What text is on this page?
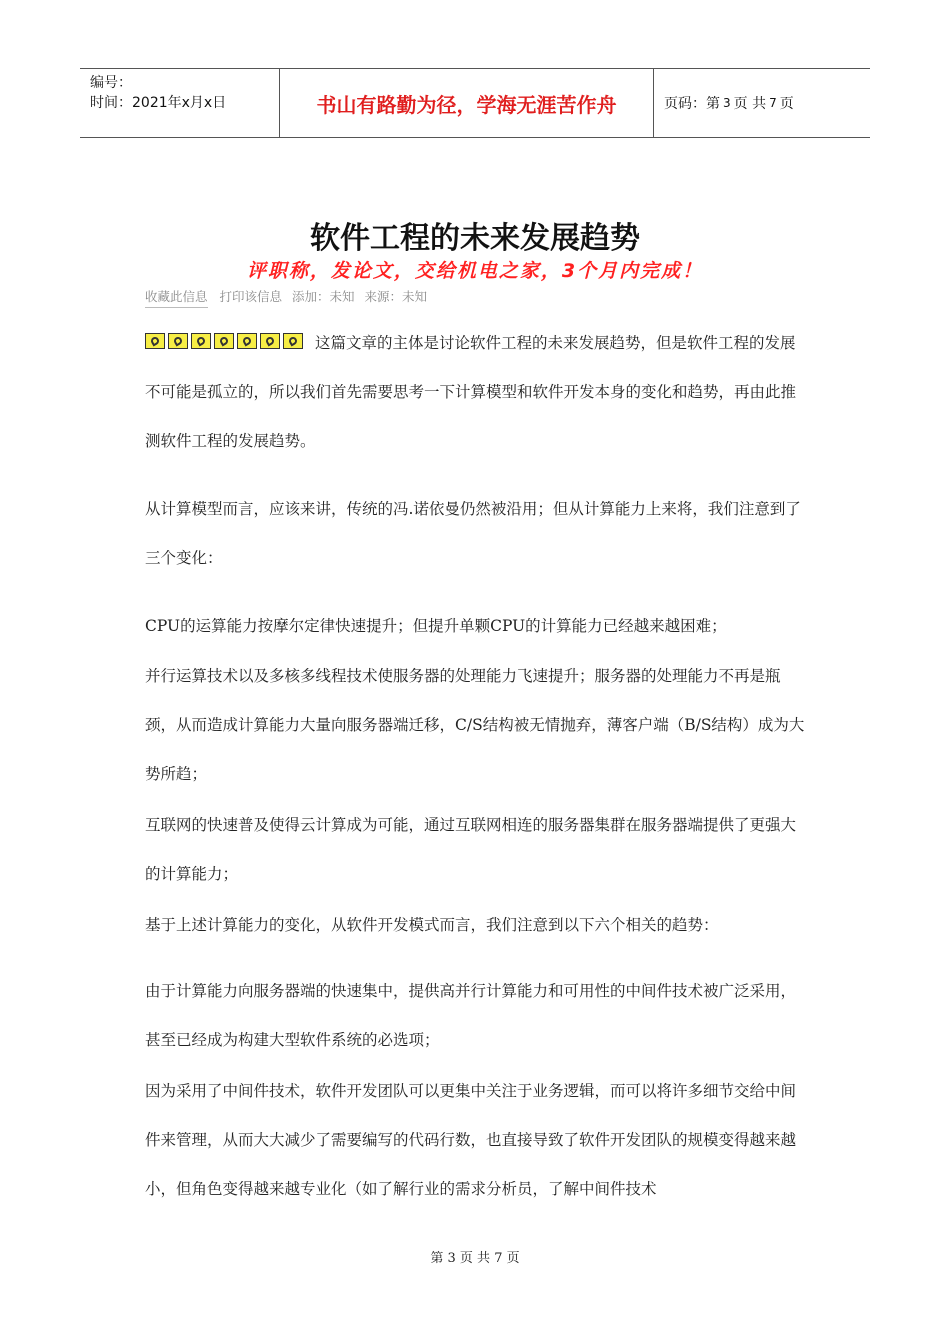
编号：
时间：2021年x月x日	书山有路勤为径，学海无涯苦作舟	页码：第 3 页 共 7 页
软件工程的未来发展趋势
评职称，发论文，交给机电之家，3个月内完成！
收藏此信息 打印该信息 添加：未知 来源：未知

这篇文章的主体是讨论软件工程的未来发展趋势，但是软件工程的发展不可能是孤立的，所以我们首先需要思考一下计算模型和软件开发本身的变化和趋势，再由此推测软件工程的发展趋势。

从计算模型而言，应该来讲，传统的冯.诺依曼仍然被沿用；但从计算能力上来将，我们注意到了三个变化：

CPU的运算能力按摩尔定律快速提升；但提升单颗CPU的计算能力已经越来越困难；

并行运算技术以及多核多线程技术使服务器的处理能力飞速提升；服务器的处理能力不再是瓶颈，从而造成计算能力大量向服务器端迁移，C/S结构被无情抛弃，薄客户端（B/S结构）成为大势所趋；

互联网的快速普及使得云计算成为可能，通过互联网相连的服务器集群在服务器端提供了更强大的计算能力；

基于上述计算能力的变化，从软件开发模式而言，我们注意到以下六个相关的趋势：

由于计算能力向服务器端的快速集中，提供高并行计算能力和可用性的中间件技术被广泛采用，甚至已经成为构建大型软件系统的必选项；

因为采用了中间件技术，软件开发团队可以更集中关注于业务逻辑，而可以将许多细节交给中间件来管理，从而大大减少了需要编写的代码行数，也直接导致了软件开发团队的规模变得越来越小，但角色变得越来越专业化（如了解行业的需求分析员，了解中间件技术

第 3 页 共 7 页
